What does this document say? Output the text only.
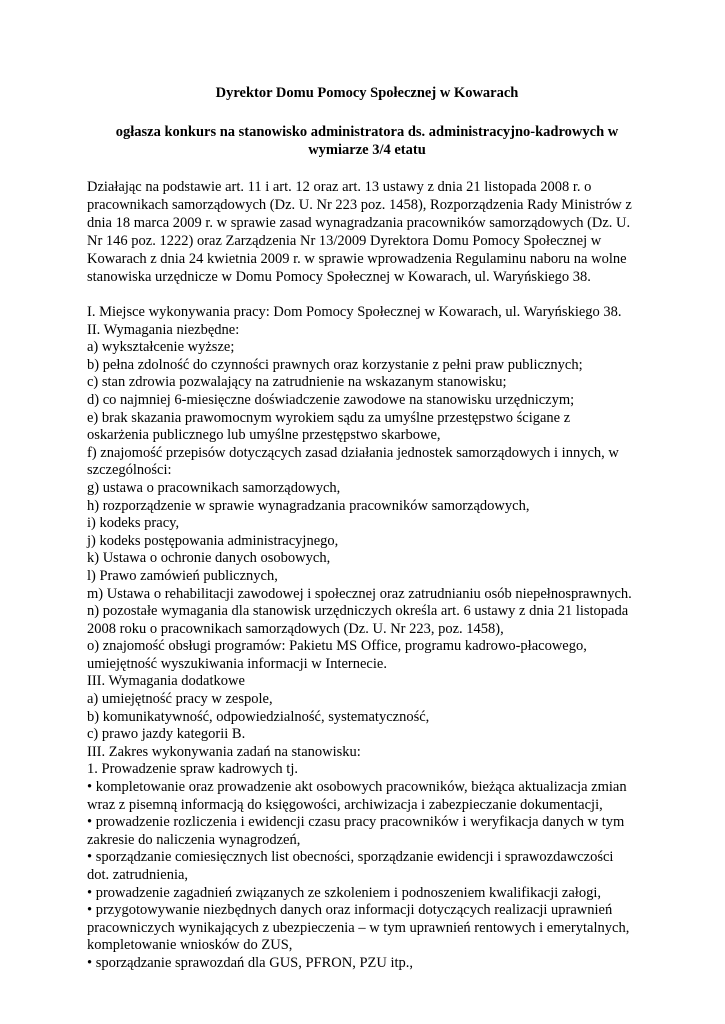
Dyrektor Domu Pomocy Społecznej w Kowarach

ogłasza konkurs na stanowisko administratora ds. administracyjno-kadrowych w wymiarze 3/4 etatu

Działając na podstawie art. 11 i art. 12 oraz art. 13 ustawy z dnia 21 listopada 2008 r. o pracownikach samorządowych (Dz. U. Nr 223 poz. 1458), Rozporządzenia Rady Ministrów z dnia 18 marca 2009 r. w sprawie zasad wynagradzania pracowników samorządowych (Dz. U. Nr 146 poz. 1222) oraz Zarządzenia Nr 13/2009 Dyrektora Domu Pomocy Społecznej w Kowarach z dnia 24 kwietnia 2009 r. w sprawie wprowadzenia Regulaminu naboru na wolne stanowiska urzędnicze w Domu Pomocy Społecznej w Kowarach, ul. Waryńskiego 38.

I. Miejsce wykonywania pracy: Dom Pomocy Społecznej w Kowarach, ul. Waryńskiego 38.
II. Wymagania niezbędne:
a) wykształcenie wyższe;
b) pełna zdolność do czynności prawnych oraz korzystanie z pełni praw publicznych;
c) stan zdrowia pozwalający na zatrudnienie na wskazanym stanowisku;
d) co najmniej 6-miesięczne doświadczenie zawodowe na stanowisku urzędniczym;
e) brak skazania prawomocnym wyrokiem sądu za umyślne przestępstwo ścigane z
oskarżenia publicznego lub umyślne przestępstwo skarbowe,
f) znajomość przepisów dotyczących zasad działania jednostek samorządowych i innych, w
szczególności:
g) ustawa o pracownikach samorządowych,
h) rozporządzenie w sprawie wynagradzania pracowników samorządowych,
i) kodeks pracy,
j) kodeks postępowania administracyjnego,
k) Ustawa o ochronie danych osobowych,
l) Prawo zamówień publicznych,
m) Ustawa o rehabilitacji zawodowej i społecznej oraz zatrudnianiu osób niepełnosprawnych.
n) pozostałe wymagania dla stanowisk urzędniczych określa art. 6 ustawy z dnia 21 listopada
2008 roku o pracownikach samorządowych (Dz. U. Nr 223, poz. 1458),
o) znajomość obsługi programów: Pakietu MS Office, programu kadrowo-płacowego,
umiejętność wyszukiwania informacji w Internecie.
III. Wymagania dodatkowe
a) umiejętność pracy w zespole,
b) komunikatywność, odpowiedzialność, systematyczność,
c) prawo jazdy kategorii B.
III. Zakres wykonywania zadań na stanowisku:
1. Prowadzenie spraw kadrowych tj.
• kompletowanie oraz prowadzenie akt osobowych pracowników, bieżąca aktualizacja zmian
wraz z pisemną informacją do księgowości, archiwizacja i zabezpieczanie dokumentacji,
• prowadzenie rozliczenia i ewidencji czasu pracy pracowników i weryfikacja danych w tym
zakresie do naliczenia wynagrodzeń,
• sporządzanie comiesięcznych list obecności, sporządzanie ewidencji i sprawozdawczości
dot. zatrudnienia,
• prowadzenie zagadnień związanych ze szkoleniem i podnoszeniem kwalifikacji załogi,
• przygotowywanie niezbędnych danych oraz informacji dotyczących realizacji uprawnień
pracowniczych wynikających z ubezpieczenia – w tym uprawnień rentowych i emerytalnych,
kompletowanie wniosków do ZUS,
• sporządzanie sprawozdań dla GUS, PFRON, PZU itp.,
